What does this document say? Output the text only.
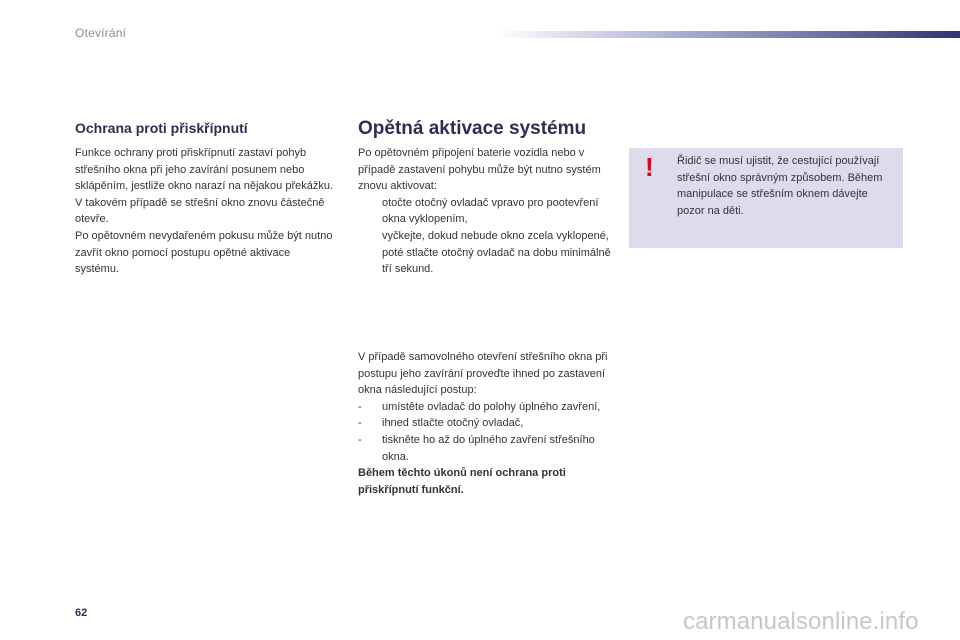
Otevírání
Ochrana proti přiskřípnutí

Funkce ochrany proti přiskřípnutí zastaví pohyb střešního okna při jeho zavírání posunem nebo sklápěním, jestliže okno narazí na nějakou překážku. V takovém případě se střešní okno znovu částečně otevře.

Po opětovném nevydařeném pokusu může být nutno zavřít okno pomocí postupu opětné aktivace systému.

Opětná aktivace systému

Po opětovném připojení baterie vozidla nebo v případě zastavení pohybu může být nutno systém znovu aktivovat:

otočte otočný ovladač vpravo pro pootevření okna vyklopením,
vyčkejte, dokud nebude okno zcela vyklopené,
poté stlačte otočný ovladač na dobu minimálně tří sekund.

V případě samovolného otevření střešního okna při postupu jeho zavírání proveďte ihned po zastavení okna následující postup:

-	umístěte ovladač do polohy úplného zavření,
-	ihned stlačte otočný ovladač,
-	tiskněte ho až do úplného zavření střešního okna.

Během těchto úkonů není ochrana proti přiskřípnutí funkční.

! Řidič se musí ujistit, že cestující používají střešní okno správným způsobem. Během manipulace se střešním oknem dávejte pozor na děti.
62	carmanualsonline.info
